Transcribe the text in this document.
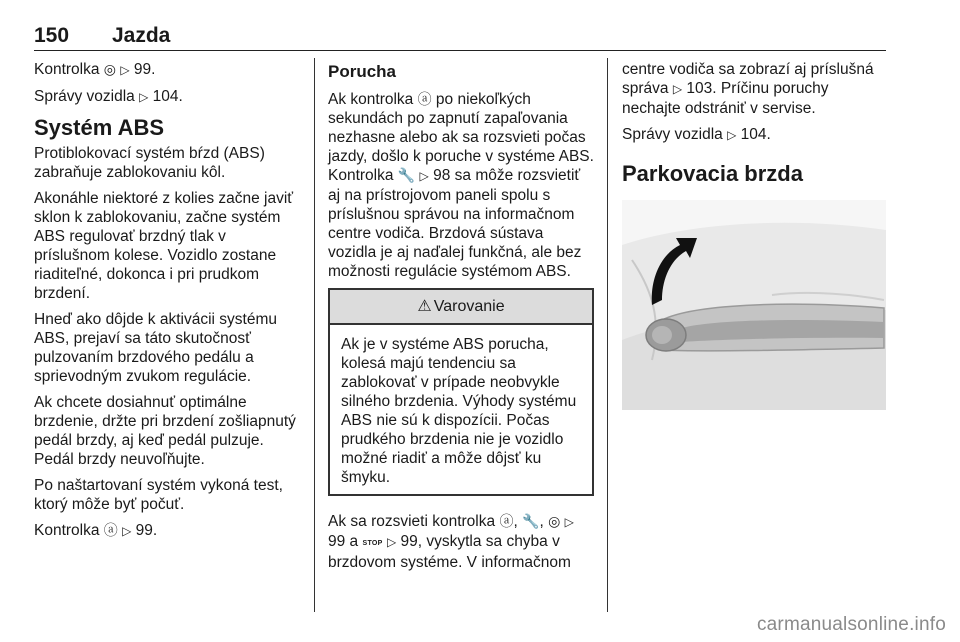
150 Jazda

Kontrolka ◎ ▷ 99.

Správy vozidla ▷ 104.

Systém ABS

Protiblokovací systém bŕzd (ABS) zabraňuje zablokovaniu kôl.

Akonáhle niektoré z kolies začne javiť sklon k zablokovaniu, začne systém ABS regulovať brzdný tlak v príslušnom kolese. Vozidlo zostane riaditeľné, dokonca i pri prudkom brzdení.

Hneď ako dôjde k aktivácii systému ABS, prejaví sa táto skutočnosť pulzovaním brzdového pedálu a sprievodným zvukom regulácie.

Ak chcete dosiahnuť optimálne brzdenie, držte pri brzdení zošliapnutý pedál brzdy, aj keď pedál pulzuje. Pedál brzdy neuvoľňujte.

Po naštartovaní systém vykoná test, ktorý môže byť počuť.

Kontrolka ⓐ ▷ 99.

Porucha

Ak kontrolka ⓐ po niekoľkých sekundách po zapnutí zapaľovania nezhasne alebo ak sa rozsvieti počas jazdy, došlo k poruche v systéme ABS. Kontrolka 🔧 ▷ 98 sa môže rozsvietiť aj na prístrojovom paneli spolu s príslušnou správou na informačnom centre vodiča. Brzdová sústava vozidla je aj naďalej funkčná, ale bez možnosti regulácie systémom ABS.

⚠ Varovanie
Ak je v systéme ABS porucha, kolesá majú tendenciu sa zablokovať v prípade neobvykle silného brzdenia. Výhody systému ABS nie sú k dispozícii. Počas prudkého brzdenia nie je vozidlo možné riadiť a môže dôjsť ku šmyku.

Ak sa rozsvieti kontrolka ⓐ, 🔧, ◎ ▷ 99 a STOP ▷ 99, vyskytla sa chyba v brzdovom systéme. V informačnom

centre vodiča sa zobrazí aj príslušná správa ▷ 103. Príčinu poruchy nechajte odstrániť v servise.

Správy vozidla ▷ 104.

Parkovacia brzda
carmanualsonline.info
